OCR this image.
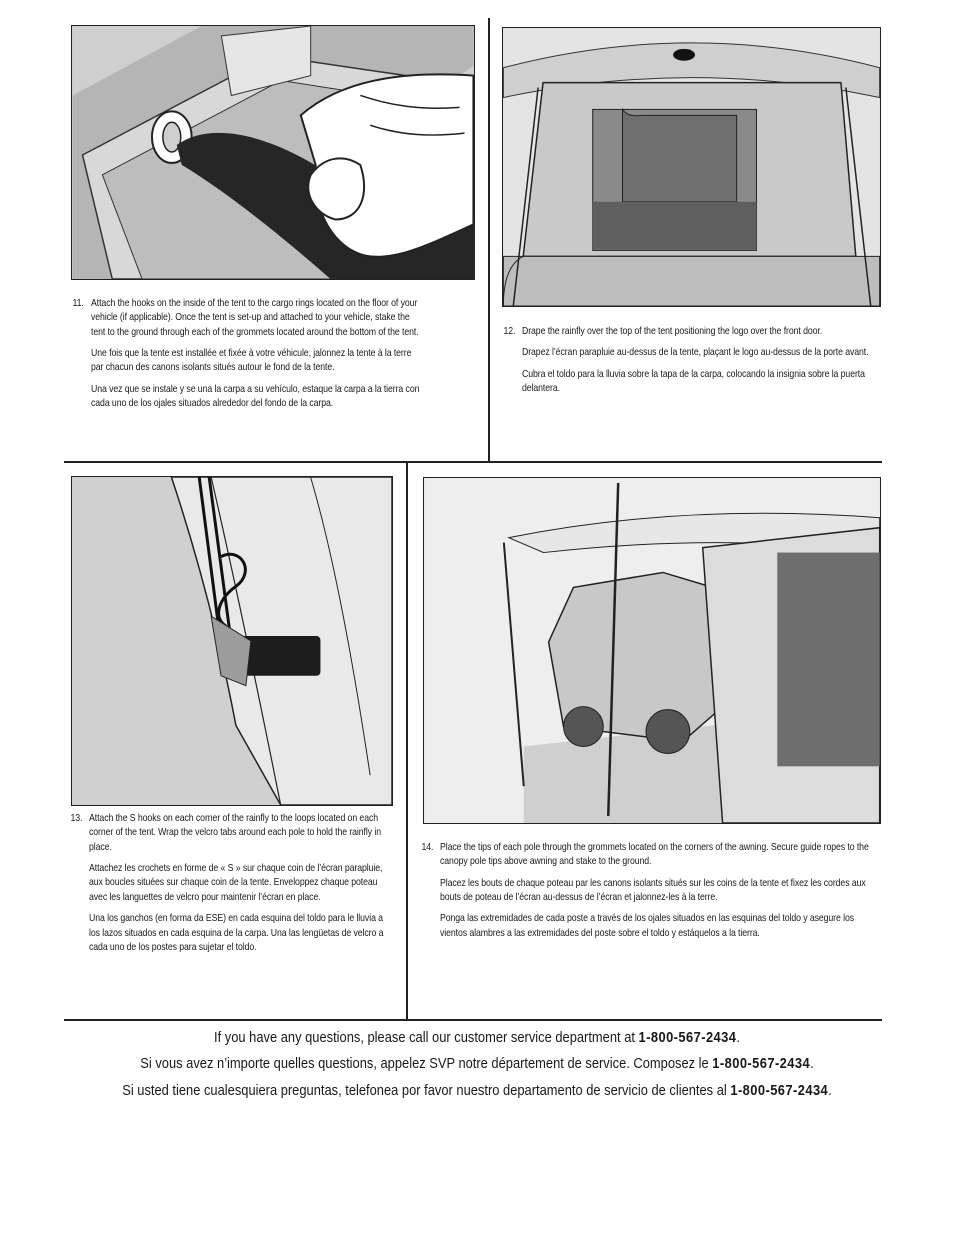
11. Attach the hooks on the inside of the tent to the cargo rings located on the floor of your vehicle (if applicable). Once the tent is set-up and attached to your vehicle, stake the tent to the ground through each of the grommets located around the bottom of the tent.

Une fois que la tente est installée et fixée à votre véhicule, jalonnez la tente à la terre par chacun des canons isolants situés autour le fond de la tente.

Una vez que se instale y se una la carpa a su vehículo, estaque la carpa a la tierra con cada uno de los ojales situados alrededor del fondo de la carpa.

12. Drape the rainfly over the top of the tent positioning the logo over the front door.

Drapez l’écran parapluie au-dessus de la tente, plaçant le logo au-dessus de la porte avant.

Cubra el toldo para la lluvia sobre la tapa de la carpa, colocando la insignia sobre la puerta delantera.

13. Attach the S hooks on each corner of the rainfly to the loops located on each corner of the tent. Wrap the velcro tabs around each pole to hold the rainfly in place.

Attachez les crochets en forme de « S » sur chaque coin de l’écran parapluie, aux boucles situées sur chaque coin de la tente. Enveloppez chaque poteau avec les languettes de velcro pour maintenir l’écran en place.

Una los ganchos (en forma da ESE) en cada esquina del toldo para le lluvia a los lazos situados en cada esquina de la carpa. Una las lengüetas de velcro a cada uno de los postes para sujetar el toldo.

14. Place the tips of each pole through the grommets located on the corners of the awning. Secure guide ropes to the canopy pole tips above awning and stake to the ground.

Placez les bouts de chaque poteau par les canons isolants situés sur les coins de la tente et fixez les cordes aux bouts de poteau de l’écran au-dessus de l’écran et jalonnez-les à la terre.

Ponga las extremidades de cada poste a través de los ojales situados en las esquinas del toldo y asegure los vientos alambres a las extremidades del poste sobre el toldo y estáquelos a la tierra.

If you have any questions, please call our customer service department at 1-800-567-2434.
Si vous avez n’importe quelles questions, appelez SVP notre département de service. Composez le 1-800-567-2434.
Si usted tiene cualesquiera preguntas, telefonea por favor nuestro departamento de servicio de clientes al 1-800-567-2434.
